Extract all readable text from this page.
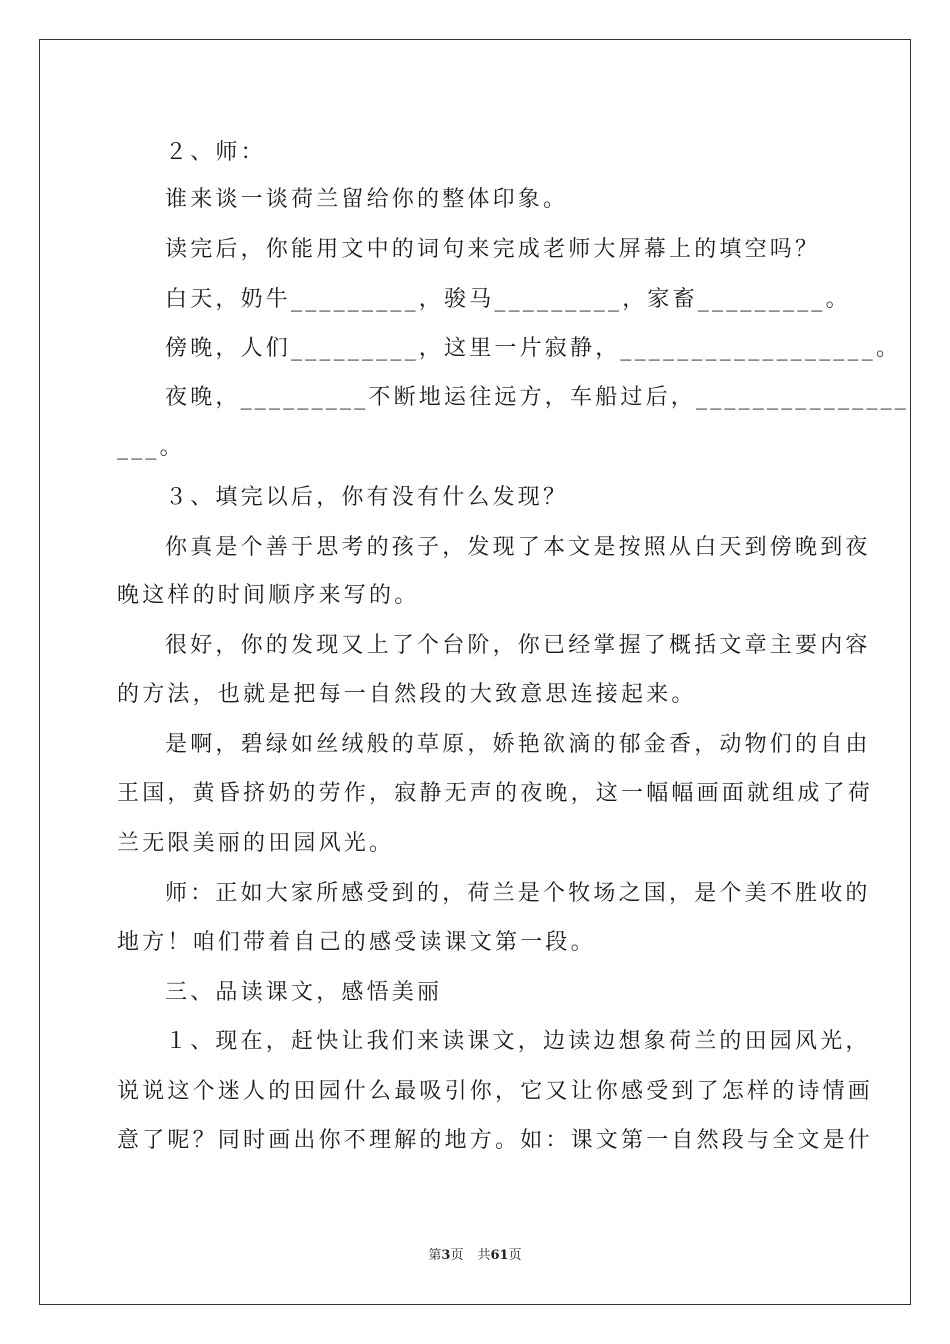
２、师：
谁来谈一谈荷兰留给你的整体印象。
读完后，你能用文中的词句来完成老师大屏幕上的填空吗？
白天，奶牛_________，骏马_________，家畜_________。
傍晚，人们_________，这里一片寂静，__________________。
夜晚，_________不断地运往远方，车船过后，_______________
___。
３、填完以后，你有没有什么发现？
你真是个善于思考的孩子，发现了本文是按照从白天到傍晚到夜
晚这样的时间顺序来写的。
很好，你的发现又上了个台阶，你已经掌握了概括文章主要内容
的方法，也就是把每一自然段的大致意思连接起来。
是啊，碧绿如丝绒般的草原，娇艳欲滴的郁金香，动物们的自由
王国，黄昏挤奶的劳作，寂静无声的夜晚，这一幅幅画面就组成了荷
兰无限美丽的田园风光。
师：正如大家所感受到的，荷兰是个牧场之国，是个美不胜收的
地方！咱们带着自己的感受读课文第一段。
三、品读课文，感悟美丽
１、现在，赶快让我们来读课文，边读边想象荷兰的田园风光，
说说这个迷人的田园什么最吸引你，它又让你感受到了怎样的诗情画
意了呢？同时画出你不理解的地方。如：课文第一自然段与全文是什
第3页 共61页
